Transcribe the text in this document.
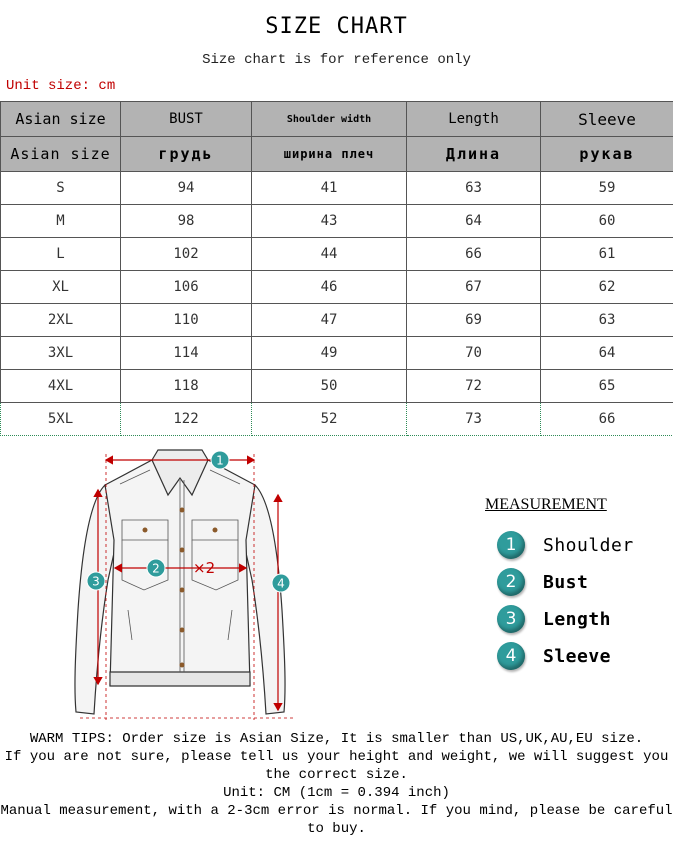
SIZE CHART
Size chart is for reference only
Unit size: cm
Asian size	BUST	Shoulder width	Length	Sleeve
Asian size	грудь	ширина плеч	Длина	рукав
S	94	41	63	59
M	98	43	64	60
L	102	44	66	61
XL	106	46	67	62
2XL	110	47	69	63
3XL	114	49	70	64
4XL	118	50	72	65
5XL	122	52	73	66
1
2 ×2
3	4
MEASUREMENT
1	Shoulder
2	Bust
3	Length
4	Sleeve
WARM TIPS: Order size is Asian Size, It is smaller than US,UK,AU,EU size.
If you are not sure, please tell us your height and weight, we will suggest you the correct size.
Unit: CM (1cm = 0.394 inch)
Manual measurement, with a 2-3cm error is normal. If you mind, please be careful to buy.
